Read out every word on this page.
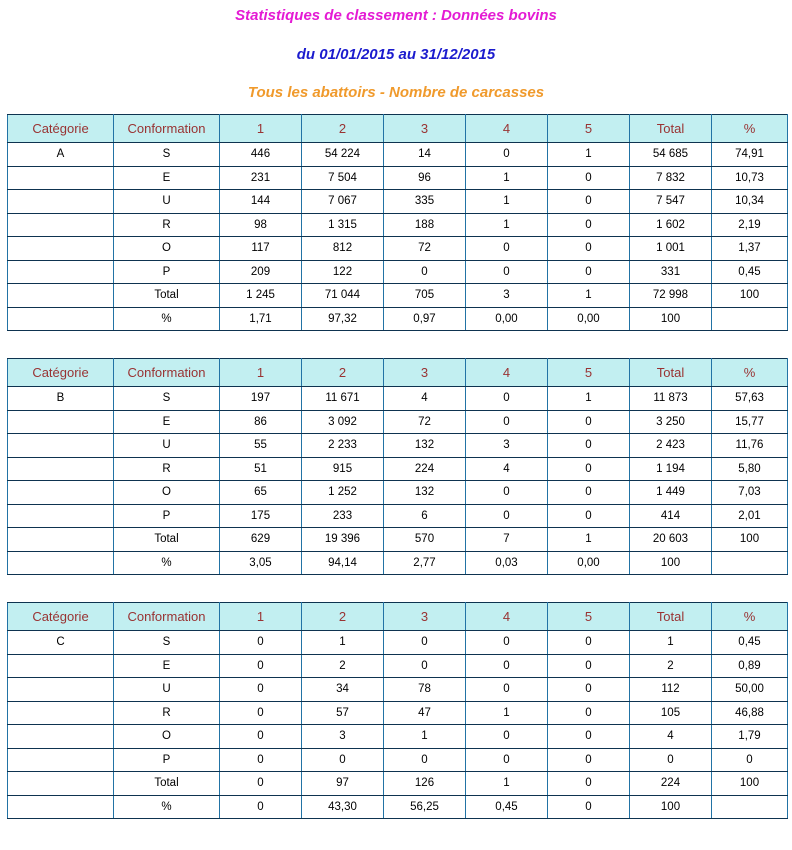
Statistiques de classement : Données bovins
du 01/01/2015 au 31/12/2015
Tous les abattoirs - Nombre de carcasses
Catégorie	Conformation	1	2	3	4	5	Total	%
A	S	446	54 224	14	0	1	54 685	74,91
	E	231	7 504	96	1	0	7 832	10,73
	U	144	7 067	335	1	0	7 547	10,34
	R	98	1 315	188	1	0	1 602	2,19
	O	117	812	72	0	0	1 001	1,37
	P	209	122	0	0	0	331	0,45
	Total	1 245	71 044	705	3	1	72 998	100
	%	1,71	97,32	0,97	0,00	0,00	100	
Catégorie	Conformation	1	2	3	4	5	Total	%
B	S	197	11 671	4	0	1	11 873	57,63
	E	86	3 092	72	0	0	3 250	15,77
	U	55	2 233	132	3	0	2 423	11,76
	R	51	915	224	4	0	1 194	5,80
	O	65	1 252	132	0	0	1 449	7,03
	P	175	233	6	0	0	414	2,01
	Total	629	19 396	570	7	1	20 603	100
	%	3,05	94,14	2,77	0,03	0,00	100	
Catégorie	Conformation	1	2	3	4	5	Total	%
C	S	0	1	0	0	0	1	0,45
	E	0	2	0	0	0	2	0,89
	U	0	34	78	0	0	112	50,00
	R	0	57	47	1	0	105	46,88
	O	0	3	1	0	0	4	1,79
	P	0	0	0	0	0	0	0
	Total	0	97	126	1	0	224	100
	%	0	43,30	56,25	0,45	0	100	
